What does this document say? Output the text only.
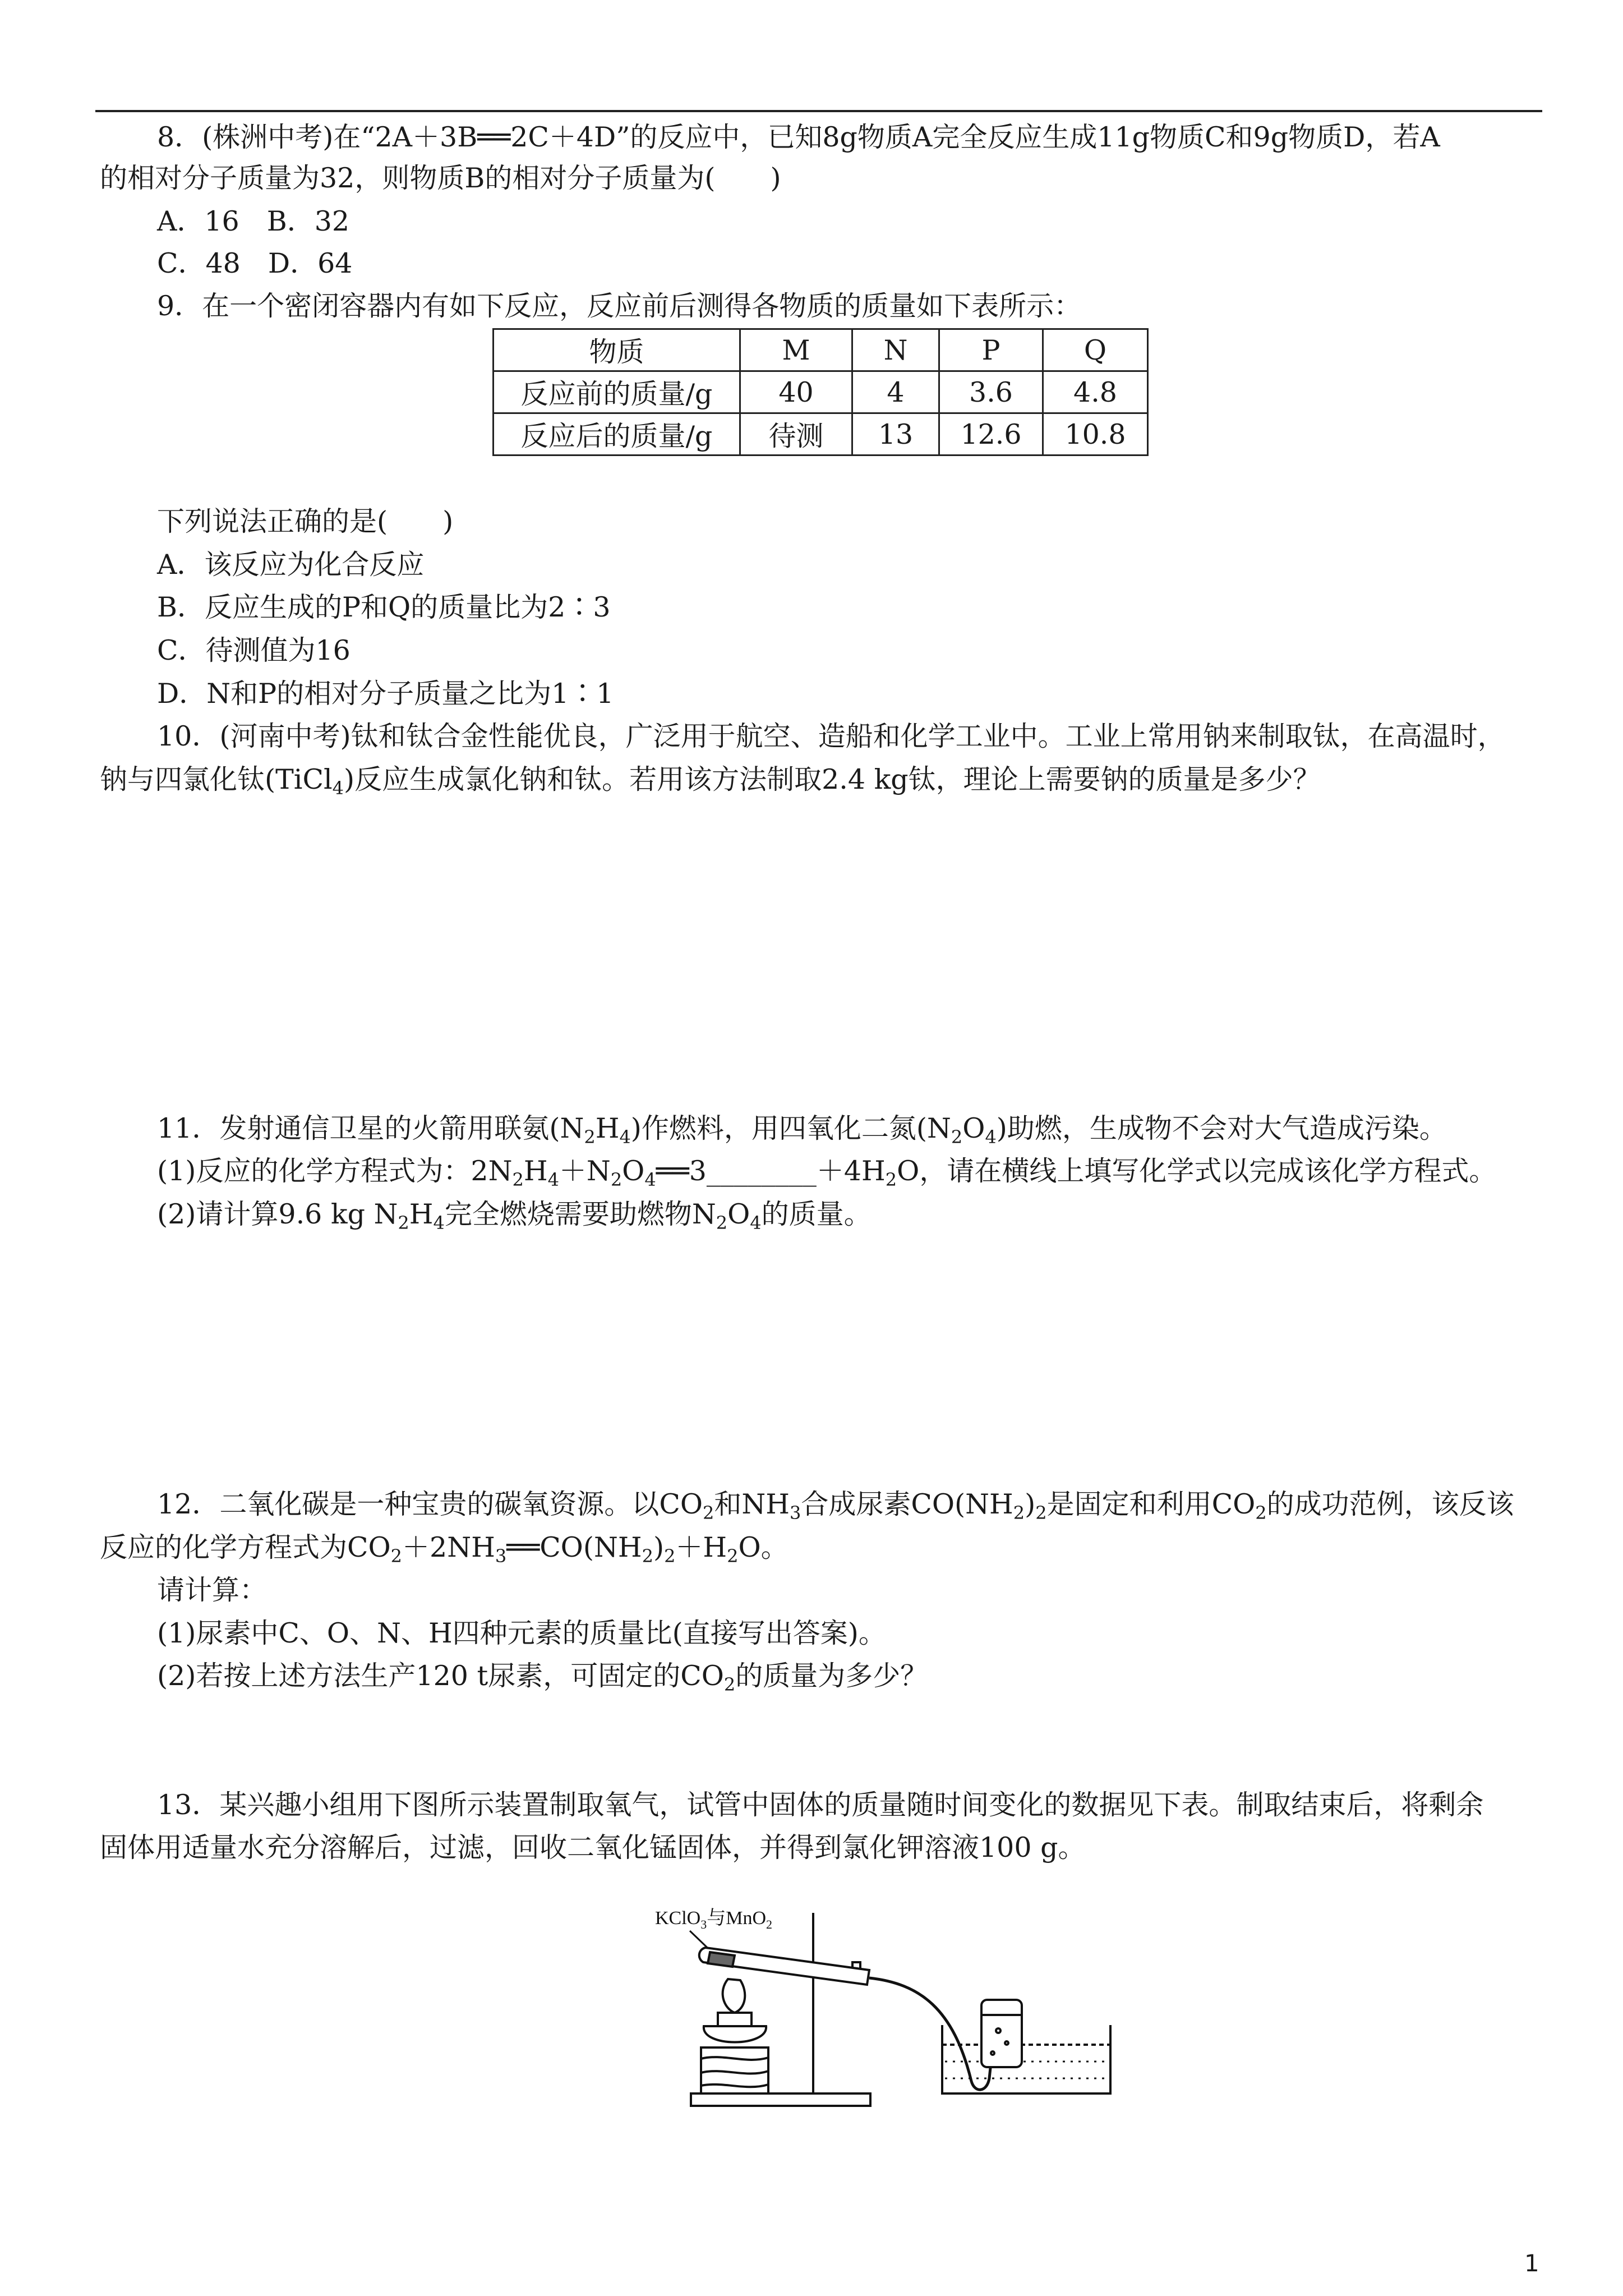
8．(株洲中考)在“2A＋3B══2C＋4D”的反应中，已知8g物质A完全反应生成11g物质C和9g物质D，若A
的相对分子质量为32，则物质B的相对分子质量为(　　)
A．16　B．32
C．48　D．64
9．在一个密闭容器内有如下反应，反应前后测得各物质的质量如下表所示：
物质	M	N	P	Q
反应前的质量/g	40	4	3.6	4.8
反应后的质量/g	待测	13	12.6	10.8
下列说法正确的是(　　)
A．该反应为化合反应
B．反应生成的P和Q的质量比为2∶3
C．待测值为16
D．N和P的相对分子质量之比为1∶1
10．(河南中考)钛和钛合金性能优良，广泛用于航空、造船和化学工业中。工业上常用钠来制取钛，在高温时，
钠与四氯化钛(TiCl$_4$)反应生成氯化钠和钛。若用该方法制取2.4 kg钛，理论上需要钠的质量是多少？
11．发射通信卫星的火箭用联氨$(N_2H_4)$作燃料，用四氧化二氮$(N_2O_4)$助燃，生成物不会对大气造成污染。
(1)反应的化学方程式为：$2N_2H_4+N_2O_4══3\_\_\_\_\_\_\_\_+4H_2O$，请在横线上填写化学式以完成该化学方程式。
(2)请计算9.6 kg $N_2H_4$完全燃烧需要助燃物$N_2O_4$的质量。
12．二氧化碳是一种宝贵的碳氧资源。以$CO_2$和$NH_3$合成尿素$CO(NH_2)_2$是固定和利用$CO_2$的成功范例，该反该
反应的化学方程式为$CO_2+2NH_3══CO(NH_2)_2+H_2O$。
请计算：
(1)尿素中C、O、N、H四种元素的质量比(直接写出答案)。
(2)若按上述方法生产120 t尿素，可固定的$CO_2$的质量为多少？
13．某兴趣小组用下图所示装置制取氧气，试管中固体的质量随时间变化的数据见下表。制取结束后，将剩余
固体用适量水充分溶解后，过滤，回收二氧化锰固体，并得到氯化钾溶液100 g。
KClO$_3$与MnO$_2$
1
